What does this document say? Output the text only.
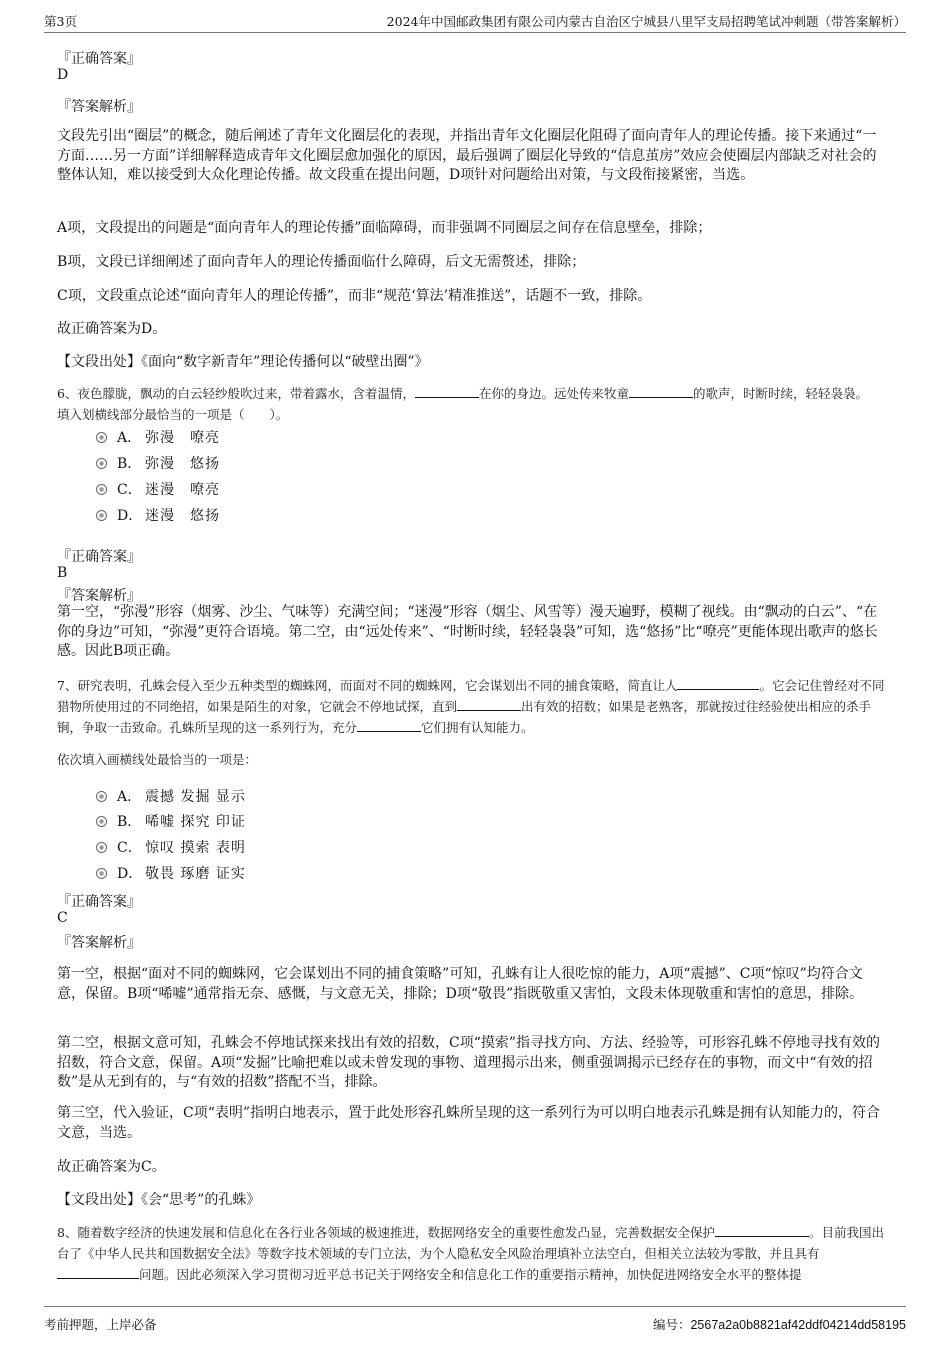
第3页	2024年中国邮政集团有限公司内蒙古自治区宁城县八里罕支局招聘笔试冲刺题（带答案解析）
『正确答案』
D
『答案解析』
文段先引出“圈层”的概念，随后阐述了青年文化圈层化的表现，并指出青年文化圈层化阻碍了面向青年人的理论传播。接下来通过“一方面……另一方面”详细解释造成青年文化圈层愈加强化的原因，最后强调了圈层化导致的“信息茧房”效应会使圈层内部缺乏对社会的整体认知，难以接受到大众化理论传播。故文段重在提出问题，D项针对问题给出对策，与文段衔接紧密，当选。
A项，文段提出的问题是“面向青年人的理论传播”面临障碍，而非强调不同圈层之间存在信息壁垒，排除；
B项，文段已详细阐述了面向青年人的理论传播面临什么障碍，后文无需赘述，排除；
C项，文段重点论述“面向青年人的理论传播”，而非“规范‘算法’精准推送”，话题不一致，排除。
故正确答案为D。
【文段出处】《面向“数字新青年”理论传播何以“破壁出圈”》
6、夜色朦胧，飘动的白云轻纱般吹过来，带着露水，含着温情，	在你的身边。远处传来牧童	的歌声，时断时续，轻轻袅袅。
填入划横线部分最恰当的一项是（　　）。
A． 弥漫　嘹亮
B． 弥漫　悠扬
C． 迷漫　嘹亮
D． 迷漫　悠扬
『正确答案』
B
『答案解析』
第一空，“弥漫”形容（烟雾、沙尘、气味等）充满空间；“迷漫”形容（烟尘、风雪等）漫天遍野，模糊了视线。由“飘动的白云”、“在你的身边”可知，“弥漫”更符合语境。第二空，由“远处传来”、“时断时续，轻轻袅袅”可知，选“悠扬”比“嘹亮”更能体现出歌声的悠长感。因此B项正确。
7、研究表明，孔蛛会侵入至少五种类型的蜘蛛网，而面对不同的蜘蛛网，它会谋划出不同的捕食策略，简直让人	。它会记住曾经对不同猎物所使用过的不同绝招，如果是陌生的对象，它就会不停地试探，直到	出有效的招数；如果是老熟客，那就按过往经验使出相应的杀手锏，争取一击致命。孔蛛所呈现的这一系列行为，充分	它们拥有认知能力。
依次填入画横线处最恰当的一项是：
A． 震撼 发掘 显示
B． 唏嘘 探究 印证
C． 惊叹 摸索 表明
D． 敬畏 琢磨 证实
『正确答案』
C
『答案解析』
第一空，根据“面对不同的蜘蛛网，它会谋划出不同的捕食策略”可知，孔蛛有让人很吃惊的能力，A项“震撼”、C项“惊叹”均符合文意，保留。B项“唏嘘”通常指无奈、感慨，与文意无关，排除；D项“敬畏”指既敬重又害怕，文段未体现敬重和害怕的意思，排除。
第二空，根据文意可知，孔蛛会不停地试探来找出有效的招数，C项“摸索”指寻找方向、方法、经验等，可形容孔蛛不停地寻找有效的招数，符合文意，保留。A项“发掘”比喻把难以或未曾发现的事物、道理揭示出来，侧重强调揭示已经存在的事物，而文中“有效的招数”是从无到有的，与“有效的招数”搭配不当，排除。
第三空，代入验证，C项“表明”指明白地表示，置于此处形容孔蛛所呈现的这一系列行为可以明白地表示孔蛛是拥有认知能力的，符合文意，当选。
故正确答案为C。
【文段出处】《会“思考”的孔蛛》
8、随着数字经济的快速发展和信息化在各行业各领域的极速推进，数据网络安全的重要性愈发凸显，完善数据安全保护	。目前我国出台了《中华人民共和国数据安全法》等数字技术领域的专门立法，为个人隐私安全风险治理填补立法空白，但相关立法较为零散，并且具有问题。因此必须深入学习贯彻习近平总书记关于网络安全和信息化工作的重要指示精神，加快促进网络安全水平的整体提
考前押题，上岸必备	编号：2567a2a0b8821af42ddf04214dd58195
